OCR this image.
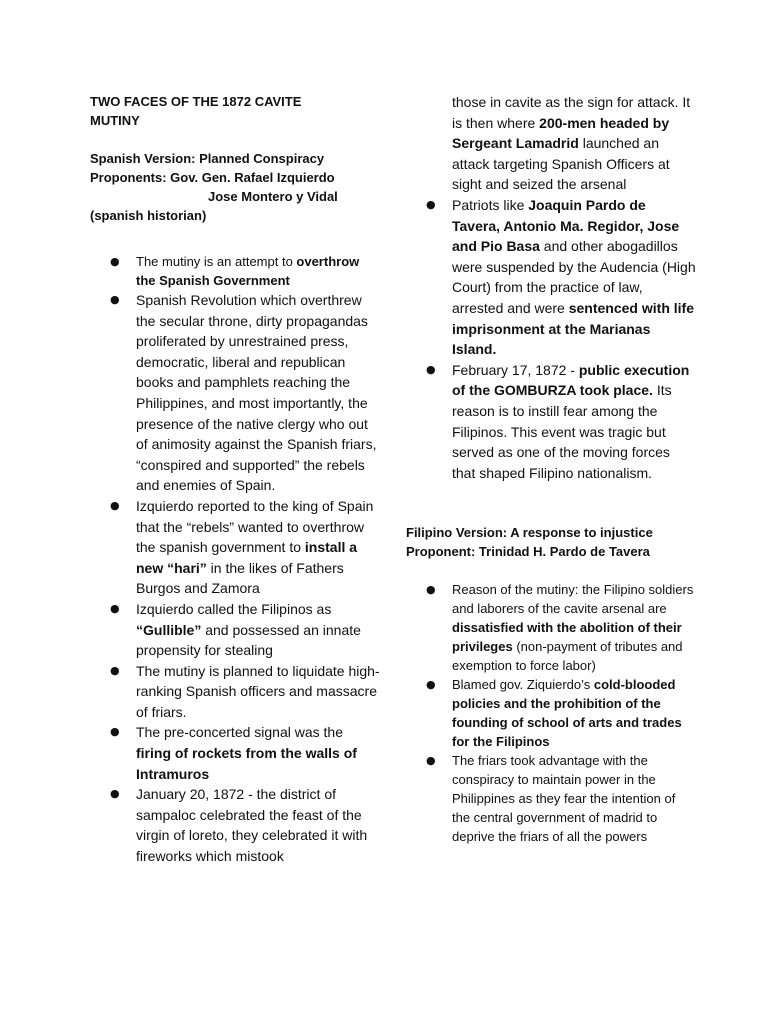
TWO FACES OF THE 1872 CAVITE
MUTINY

Spanish Version: Planned Conspiracy

Proponents: Gov. Gen. Rafael Izquierdo

Jose Montero y Vidal

(spanish historian)

● The mutiny is an attempt to overthrow the Spanish Government
● Spanish Revolution which overthrew the secular throne, dirty propagandas proliferated by unrestrained press, democratic, liberal and republican books and pamphlets reaching the Philippines, and most importantly, the presence of the native clergy who out of animosity against the Spanish friars, “conspired and supported” the rebels and enemies of Spain.
● Izquierdo reported to the king of Spain that the “rebels” wanted to overthrow the spanish government to install a new “hari” in the likes of Fathers Burgos and Zamora
● Izquierdo called the Filipinos as “Gullible” and possessed an innate propensity for stealing
● The mutiny is planned to liquidate high-ranking Spanish officers and massacre of friars.
● The pre-concerted signal was the firing of rockets from the walls of Intramuros
● January 20, 1872 - the district of sampaloc celebrated the feast of the virgin of loreto, they celebrated it with fireworks which mistook
those in cavite as the sign for attack. It is then where 200-men headed by Sergeant Lamadrid launched an attack targeting Spanish Officers at sight and seized the arsenal
● Patriots like Joaquin Pardo de Tavera, Antonio Ma. Regidor, Jose and Pio Basa and other abogadillos were suspended by the Audencia (High Court) from the practice of law, arrested and were sentenced with life imprisonment at the Marianas Island.
● February 17, 1872 - public execution of the GOMBURZA took place. Its reason is to instill fear among the Filipinos. This event was tragic but served as one of the moving forces that shaped Filipino nationalism.

Filipino Version: A response to injustice

Proponent: Trinidad H. Pardo de Tavera

● Reason of the mutiny: the Filipino soldiers and laborers of the cavite arsenal are dissatisfied with the abolition of their privileges (non-payment of tributes and exemption to force labor)
● Blamed gov. Ziquierdo’s cold-blooded policies and the prohibition of the founding of school of arts and trades for the Filipinos
● The friars took advantage with the conspiracy to maintain power in the Philippines as they fear the intention of the central government of madrid to deprive the friars of all the powers
